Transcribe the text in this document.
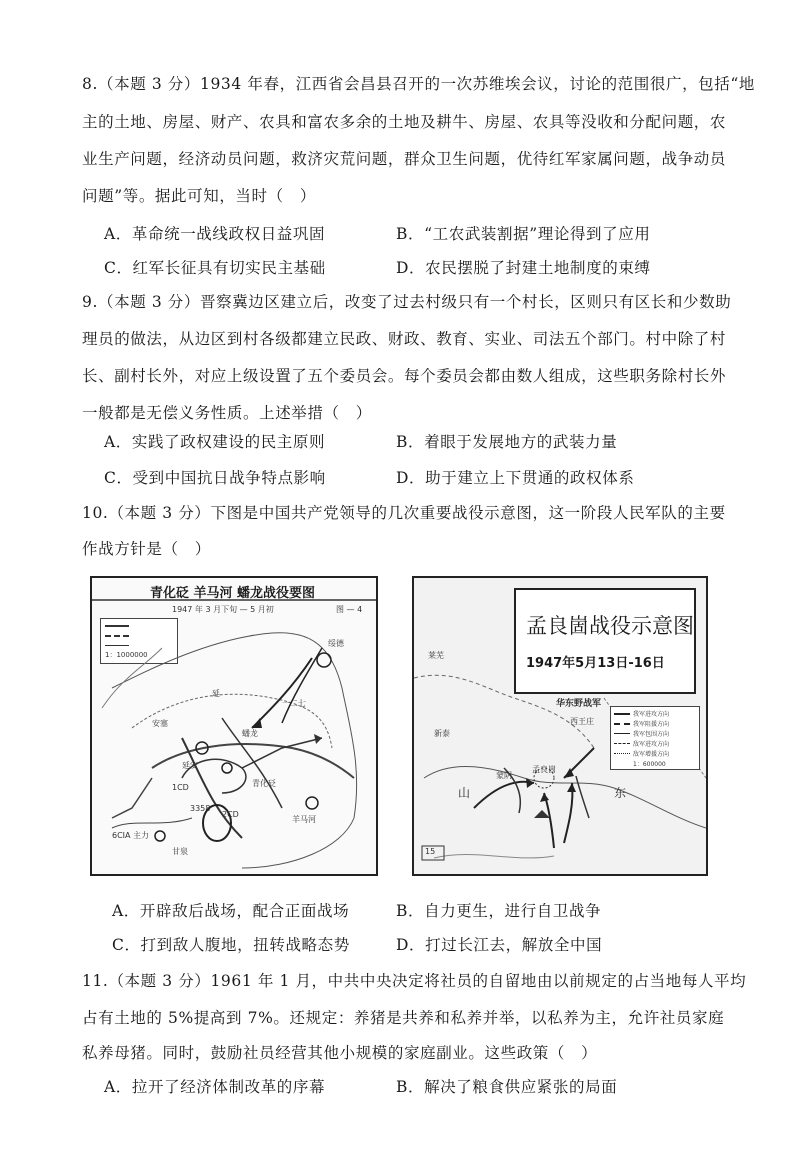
8.（本题 3 分）1934 年春，江西省会昌县召开的一次苏维埃会议，讨论的范围很广，包括“地
主的土地、房屋、财产、农具和富农多余的土地及耕牛、房屋、农具等没收和分配问题，农
业生产问题，经济动员问题，救济灾荒问题，群众卫生问题，优待红军家属问题，战争动员
问题”等。据此可知，当时（　）
A．革命统一战线政权日益巩固	B．“工农武装割据”理论得到了应用
C．红军长征具有切实民主基础	D．农民摆脱了封建土地制度的束缚
9.（本题 3 分）晋察冀边区建立后，改变了过去村级只有一个村长，区则只有区长和少数助
理员的做法，从边区到村各级都建立民政、财政、教育、实业、司法五个部门。村中除了村
长、副村长外，对应上级设置了五个委员会。每个委员会都由数人组成，这些职务除村长外
一般都是无偿义务性质。上述举措（　）
A．实践了政权建设的民主原则	B．着眼于发展地方的武装力量
C．受到中国抗日战争特点影响	D．助于建立上下贯通的政权体系
10.（本题 3 分）下图是中国共产党领导的几次重要战役示意图，这一阶段人民军队的主要
作战方针是（　）
青化砭 羊马河 蟠龙战役要图
1947 年 3 月下旬 — 5 月初	图 — 4
1：1000000
绥德
延
安塞
延安
蟠龙
青化砭
羊马河
甘泉
1CD
2CD
3358
6CIA 主力
一二七
孟良崮战役示意图
1947年5月13日-16日
我军进攻方向
我军阻援方向
我军包围方向
敌军进攻方向
敌军增援方向
1：600000
莱芜
新泰
蒙阴
孟良崮
华东野战军
西王庄
山	东
15
A．开辟敌后战场，配合正面战场	B．自力更生，进行自卫战争
C．打到敌人腹地，扭转战略态势	D．打过长江去，解放全中国
11.（本题 3 分）1961 年 1 月，中共中央决定将社员的自留地由以前规定的占当地每人平均
占有土地的 5%提高到 7%。还规定：养猪是共养和私养并举，以私养为主，允许社员家庭
私养母猪。同时，鼓励社员经营其他小规模的家庭副业。这些政策（　）
A．拉开了经济体制改革的序幕	B．解决了粮食供应紧张的局面
